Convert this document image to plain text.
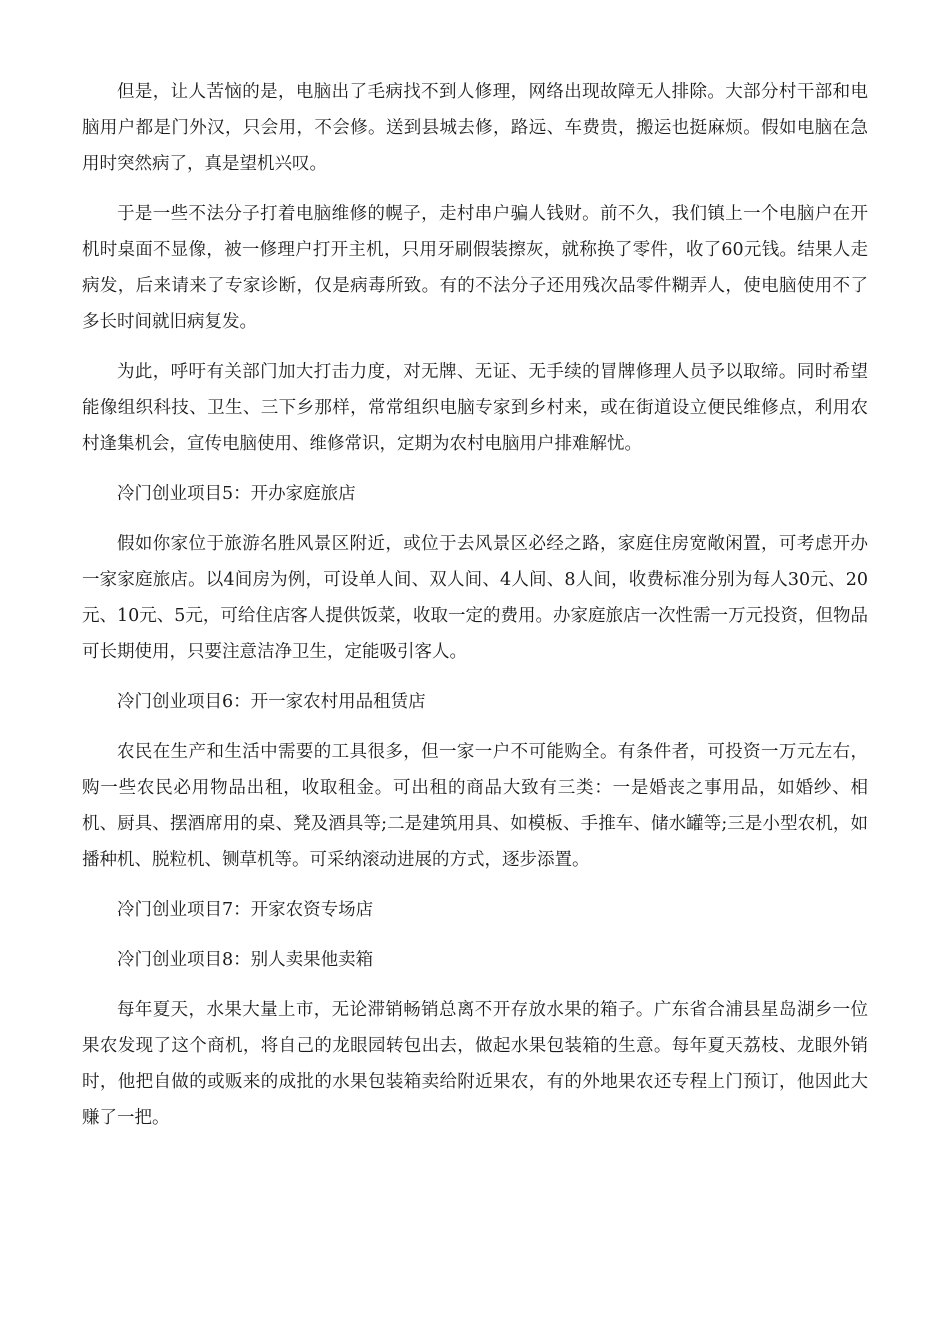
但是，让人苦恼的是，电脑出了毛病找不到人修理，网络出现故障无人排除。大部分村干部和电脑用户都是门外汉，只会用，不会修。送到县城去修，路远、车费贵，搬运也挺麻烦。假如电脑在急用时突然病了，真是望机兴叹。

于是一些不法分子打着电脑维修的幌子，走村串户骗人钱财。前不久，我们镇上一个电脑户在开机时桌面不显像，被一修理户打开主机，只用牙刷假装擦灰，就称换了零件，收了60元钱。结果人走病发，后来请来了专家诊断，仅是病毒所致。有的不法分子还用残次品零件糊弄人，使电脑使用不了多长时间就旧病复发。

为此，呼吁有关部门加大打击力度，对无牌、无证、无手续的冒牌修理人员予以取缔。同时希望能像组织科技、卫生、三下乡那样，常常组织电脑专家到乡村来，或在街道设立便民维修点，利用农村逢集机会，宣传电脑使用、维修常识，定期为农村电脑用户排难解忧。

冷门创业项目5：开办家庭旅店

假如你家位于旅游名胜风景区附近，或位于去风景区必经之路，家庭住房宽敞闲置，可考虑开办一家家庭旅店。以4间房为例，可设单人间、双人间、4人间、8人间，收费标准分别为每人30元、20元、10元、5元，可给住店客人提供饭菜，收取一定的费用。办家庭旅店一次性需一万元投资，但物品可长期使用，只要注意洁净卫生，定能吸引客人。

冷门创业项目6：开一家农村用品租赁店

农民在生产和生活中需要的工具很多，但一家一户不可能购全。有条件者，可投资一万元左右，购一些农民必用物品出租，收取租金。可出租的商品大致有三类：一是婚丧之事用品，如婚纱、相机、厨具、摆酒席用的桌、凳及酒具等;二是建筑用具、如模板、手推车、储水罐等;三是小型农机，如播种机、脱粒机、铡草机等。可采纳滚动进展的方式，逐步添置。

冷门创业项目7：开家农资专场店

冷门创业项目8：别人卖果他卖箱

每年夏天，水果大量上市，无论滞销畅销总离不开存放水果的箱子。广东省合浦县星岛湖乡一位果农发现了这个商机，将自己的龙眼园转包出去，做起水果包装箱的生意。每年夏天荔枝、龙眼外销时，他把自做的或贩来的成批的水果包装箱卖给附近果农，有的外地果农还专程上门预订，他因此大赚了一把。
